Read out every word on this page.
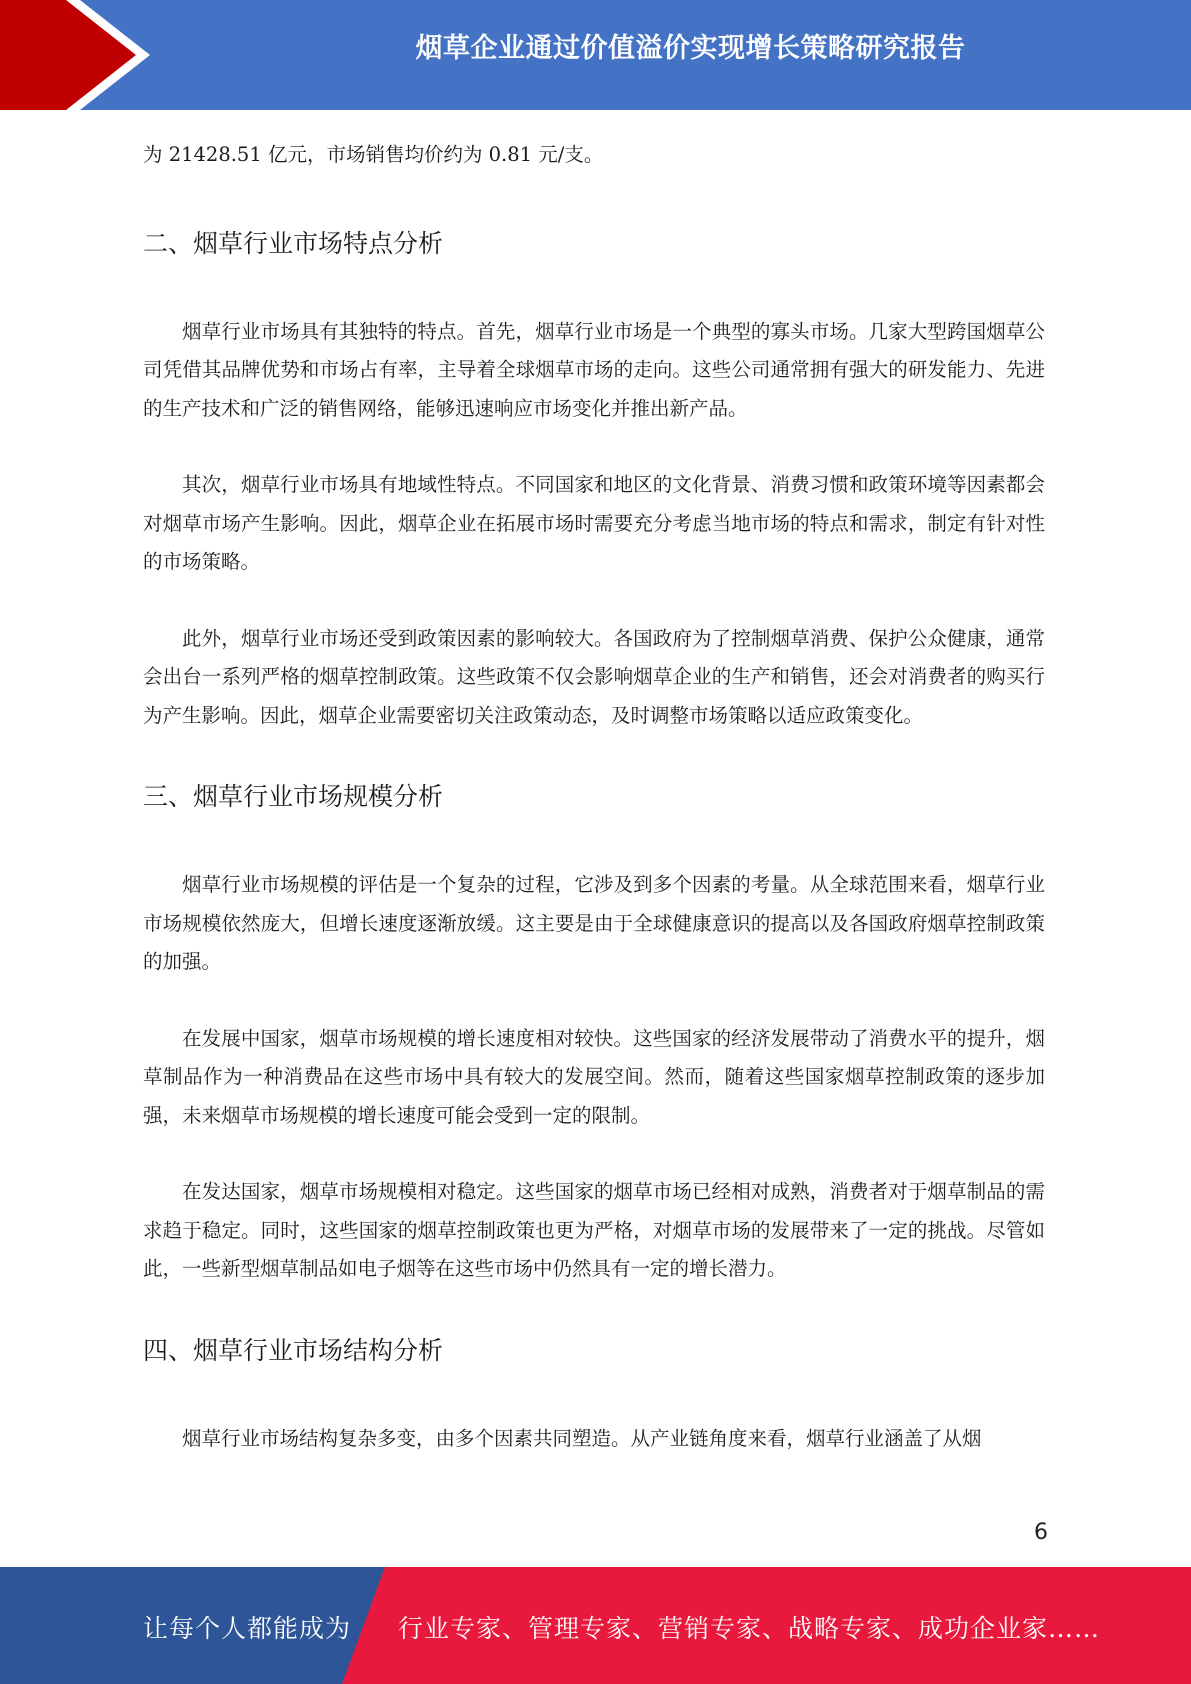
烟草企业通过价值溢价实现增长策略研究报告

为 21428.51 亿元，市场销售均价约为 0.81 元/支。

二、烟草行业市场特点分析

烟草行业市场具有其独特的特点。首先，烟草行业市场是一个典型的寡头市场。几家大型跨国烟草公司凭借其品牌优势和市场占有率，主导着全球烟草市场的走向。这些公司通常拥有强大的研发能力、先进的生产技术和广泛的销售网络，能够迅速响应市场变化并推出新产品。

其次，烟草行业市场具有地域性特点。不同国家和地区的文化背景、消费习惯和政策环境等因素都会对烟草市场产生影响。因此，烟草企业在拓展市场时需要充分考虑当地市场的特点和需求，制定有针对性的市场策略。

此外，烟草行业市场还受到政策因素的影响较大。各国政府为了控制烟草消费、保护公众健康，通常会出台一系列严格的烟草控制政策。这些政策不仅会影响烟草企业的生产和销售，还会对消费者的购买行为产生影响。因此，烟草企业需要密切关注政策动态，及时调整市场策略以适应政策变化。

三、烟草行业市场规模分析

烟草行业市场规模的评估是一个复杂的过程，它涉及到多个因素的考量。从全球范围来看，烟草行业市场规模依然庞大，但增长速度逐渐放缓。这主要是由于全球健康意识的提高以及各国政府烟草控制政策的加强。

在发展中国家，烟草市场规模的增长速度相对较快。这些国家的经济发展带动了消费水平的提升，烟草制品作为一种消费品在这些市场中具有较大的发展空间。然而，随着这些国家烟草控制政策的逐步加强，未来烟草市场规模的增长速度可能会受到一定的限制。

在发达国家，烟草市场规模相对稳定。这些国家的烟草市场已经相对成熟，消费者对于烟草制品的需求趋于稳定。同时，这些国家的烟草控制政策也更为严格，对烟草市场的发展带来了一定的挑战。尽管如此，一些新型烟草制品如电子烟等在这些市场中仍然具有一定的增长潜力。

四、烟草行业市场结构分析

烟草行业市场结构复杂多变，由多个因素共同塑造。从产业链角度来看，烟草行业涵盖了从烟

6
让每个人都能成为 行业专家、管理专家、营销专家、战略专家、成功企业家……
